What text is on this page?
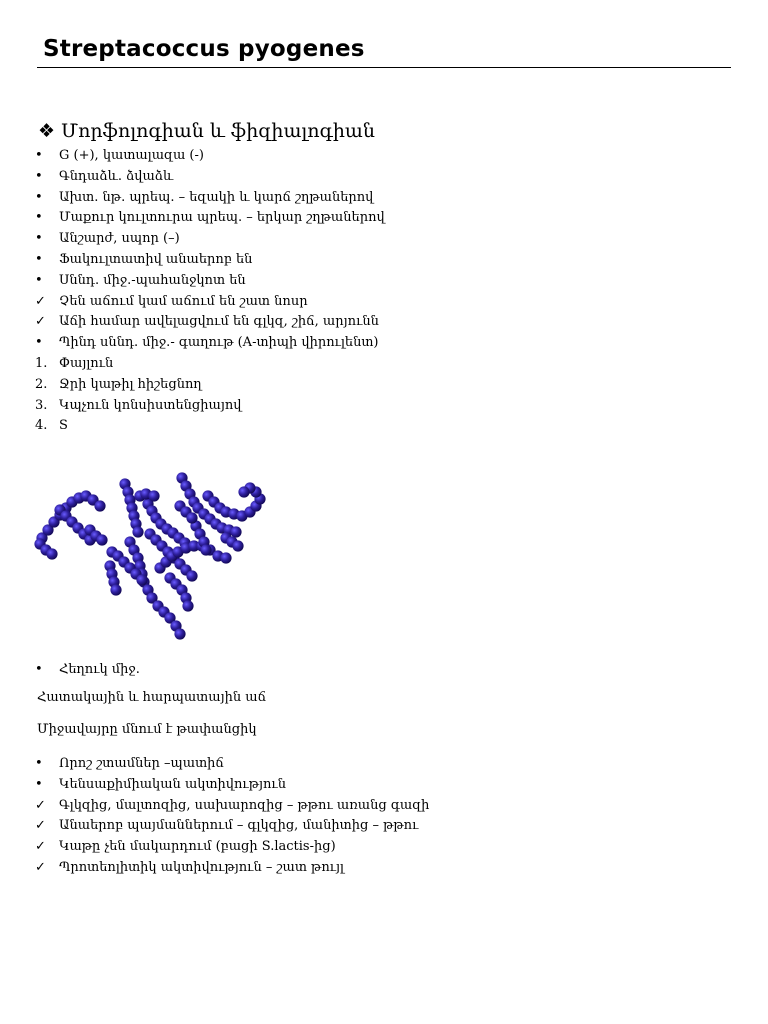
Streptacoccus pyogenes
❖ Մորֆոլոգիան և ֆիզիալոգիան
• G (+), կատալազա (-)
• Գնդաձև. ձվաձև
• Ախտ. նթ. պրեպ. – եզակի և կարճ շղթաներով
• Մաքուր կուլտուրա պրեպ. – երկար շղթաներով
• Անշարժ, սպոր (–)
• Ֆակուլտատիվ անաերոբ են
• Սննդ. միջ.-պահանջկոտ են
✓ Չեն աճում կամ աճում են շատ նոսր
✓ Աճի համար ավելացվում են գլկզ, շիճ, արյունն
• Պինդ սննդ. միջ.- գաղութ (A-տիպի վիրուլենտ)
1. Փայլուն
2. Ջրի կաթիլ հիշեցնող
3. Կպչուն կոնսիստենցիայով
4. S
• Հեղուկ միջ.
Հատակային և հարպատային աճ
Միջավայրը մնում է թափանցիկ
• Որոշ շտամներ –պատիճ
• Կենսաքիմիական ակտիվություն
✓ Գլկզից, մալտոզից, սախարոզից – թթու առանց գազի
✓ Անաերոբ պայմաններում – գլկզից, մանիտից – թթու
✓ Կաթը չեն մակարդում (բացի S.lactis-ից)
✓ Պրոտեոլիտիկ ակտիվություն – շատ թույլ
